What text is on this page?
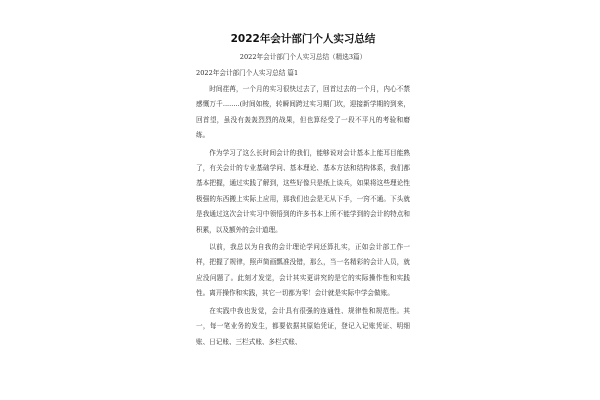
2022年会计部门个人实习总结
2022年会计部门个人实习总结（精选3篇）
2022年会计部门个人实习总结 篇1

时间荏苒，一个月的实习很快过去了，回首过去的一个月，内心不禁感慨万千........(时间如梭，转瞬间跨过实习期门坎，迎接新学期的到来，回首望，虽没有轰轰烈烈的战果，但也算经受了一段不平凡的考验和磨练。

作为学习了这么长时间会计的我们，能够说对会计基本上能耳目能熟了，有关会计的专业基础学问、基本理论、基本方法和结构体系，我们都基本把握，通过实践了解到，这些好像只是纸上谈兵，如果将这些理论性极强的东西搬上实际上应用，那我们也会是无从下手，一窍不通。下头就是我通过这次会计实习中领悟到的许多书本上所不能学到的会计的特点和积累，以及额外的会计道理。

以前，我总以为自我的会计理论学问还算扎实，正如会计部工作一样，把握了规律，照声简画瓢准没错，那么，当一名精彩的会计人员，就应没问题了。此刻才发觉，会计其实更讲究的是它的实际操作性和实践性。离开操作和实践，其它一切都为零！会计就是实际中学会做账。

在实践中我也发觉，会计具有很强的连通性、规律性和规范性。其一，每一笔业务的发生，都要依据其原始凭证，登记入记账凭证、明细账、日记账、三栏式账、多栏式账、
